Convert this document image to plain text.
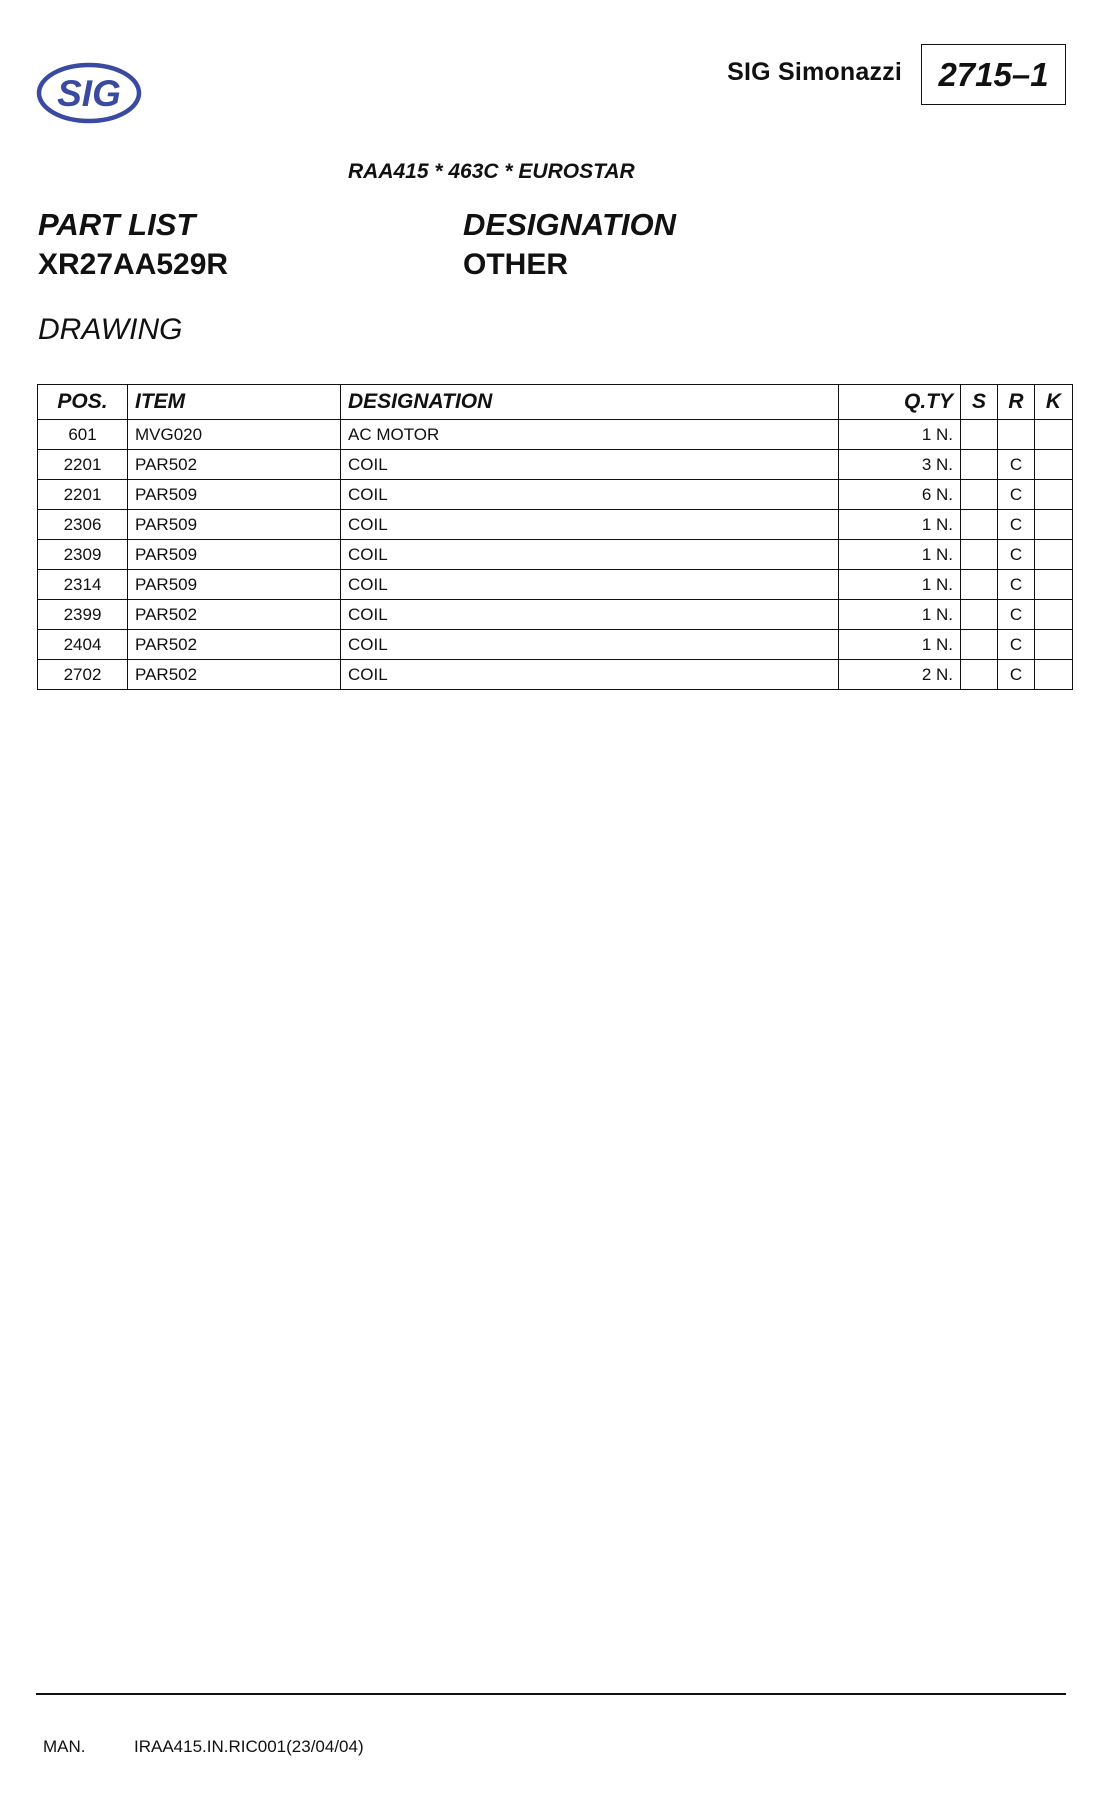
SIG
SIG Simonazzi 2715–1
RAA415 * 463C * EUROSTAR
PART LIST	DESIGNATION
XR27AA529R	OTHER
DRAWING
POS.	ITEM	DESIGNATION	Q.TY	S	R	K
601	MVG020	AC MOTOR	1 N.			
2201	PAR502	COIL	3 N.		C	
2201	PAR509	COIL	6 N.		C	
2306	PAR509	COIL	1 N.		C	
2309	PAR509	COIL	1 N.		C	
2314	PAR509	COIL	1 N.		C	
2399	PAR502	COIL	1 N.		C	
2404	PAR502	COIL	1 N.		C	
2702	PAR502	COIL	2 N.		C	
MAN.	IRAA415.IN.RIC001(23/04/04)
